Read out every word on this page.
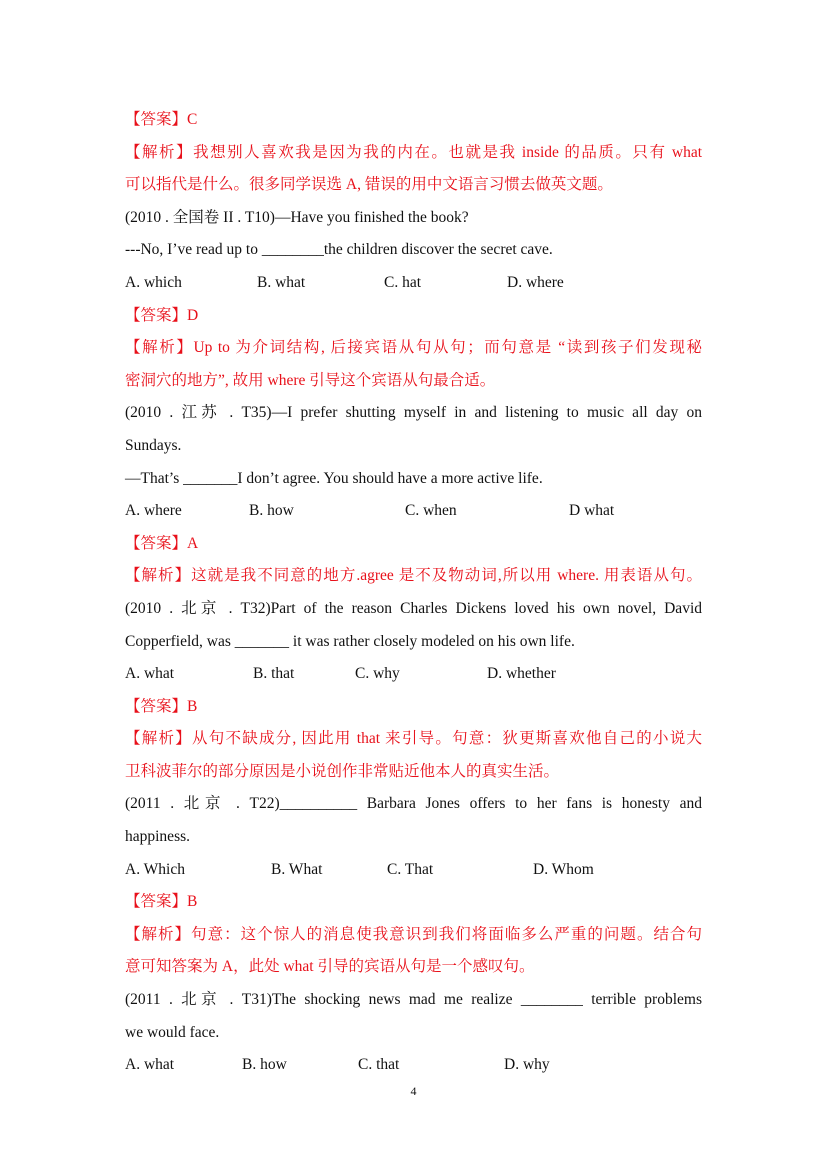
【答案】C
【解析】我想别人喜欢我是因为我的内在。也就是我 inside 的品质。只有 what
可以指代是什么。很多同学误选 A, 错误的用中文语言习惯去做英文题。
(2010 . 全国卷 II . T10)—Have you finished the book?
---No, I’ve read up to ________the children discover the secret cave.
A. which	B. what	C. hat	D. where
【答案】D
【解析】Up to 为介词结构, 后接宾语从句从句；而句意是 “读到孩子们发现秘
密洞穴的地方”, 故用 where 引导这个宾语从句最合适。
(2010 . 江苏 . T35)—I prefer shutting myself in and listening to music all day on
Sundays.
—That’s _______I don’t agree. You should have a more active life.
A. where	B. how	C. when	D what
【答案】A
【解析】这就是我不同意的地方.agree 是不及物动词,所以用 where. 用表语从句。
(2010 . 北京 . T32)Part of the reason Charles Dickens loved his own novel, David
Copperfield, was _______ it was rather closely modeled on his own life.
A. what	B. that	C. why	D. whether
【答案】B
【解析】从句不缺成分, 因此用 that 来引导。句意：狄更斯喜欢他自己的小说大
卫科波菲尔的部分原因是小说创作非常贴近他本人的真实生活。
(2011 . 北京 . T22)__________ Barbara Jones offers to her fans is honesty and
happiness.
A. Which	B. What	C. That	D. Whom
【答案】B
【解析】句意：这个惊人的消息使我意识到我们将面临多么严重的问题。结合句
意可知答案为 A，此处 what 引导的宾语从句是一个感叹句。
(2011 . 北京 . T31)The shocking news mad me realize ________ terrible problems
we would face.
A. what	B. how	C. that	D. why
4
